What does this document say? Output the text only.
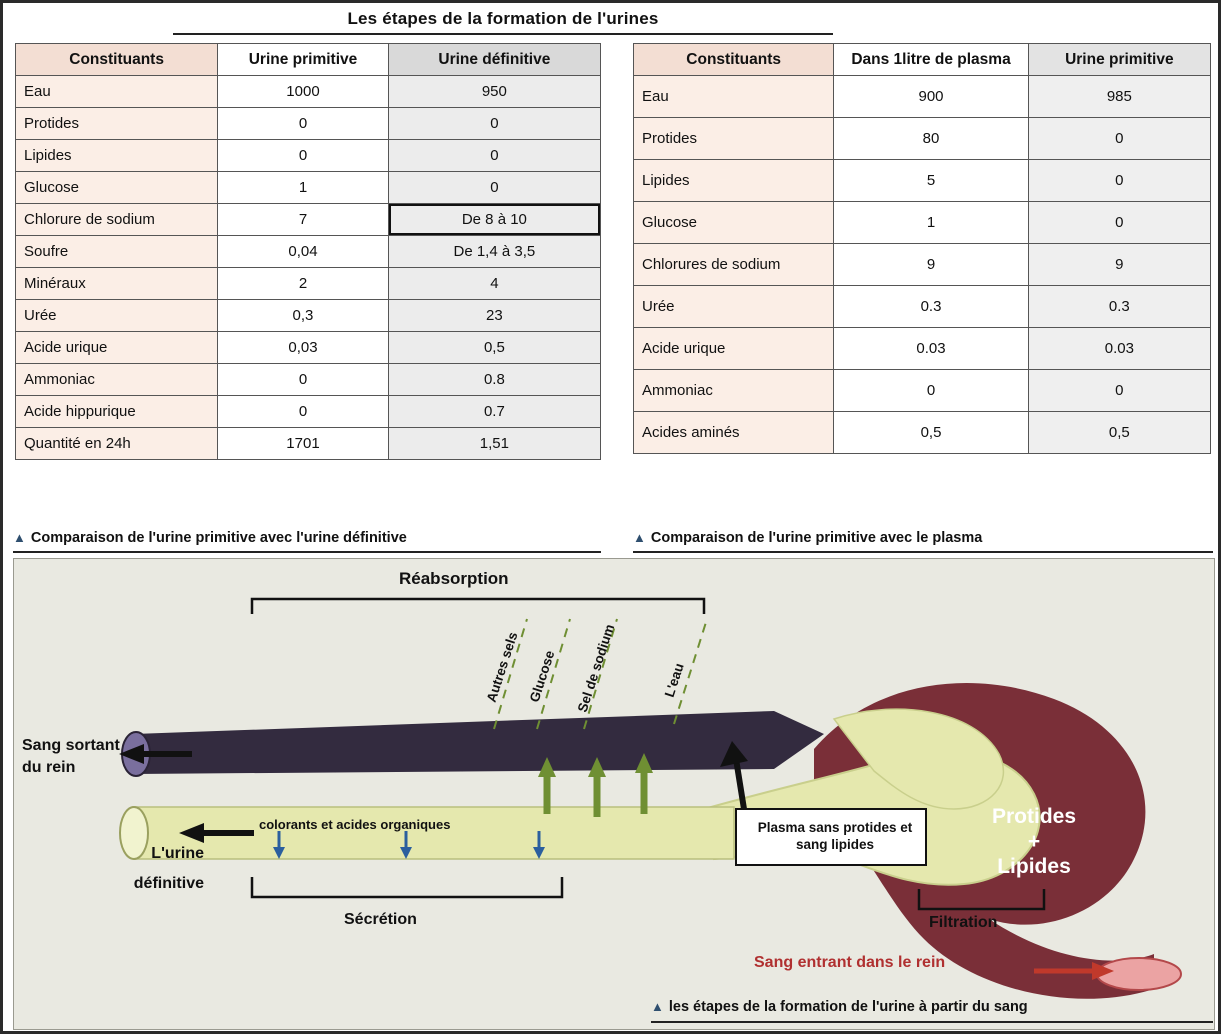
Les étapes de la formation de l'urines
Constituants	Urine primitive	Urine définitive
Eau	1000	950
Protides	0	0
Lipides	0	0
Glucose	1	0
Chlorure de sodium	7	De 8 à 10
Soufre	0,04	De 1,4 à 3,5
Minéraux	2	4
Urée	0,3	23
Acide urique	0,03	0,5
Ammoniac	0	0.8
Acide hippurique	0	0.7
Quantité en 24h	1701	1,51
Constituants	Dans 1litre de plasma	Urine primitive
Eau	900	985
Protides	80	0
Lipides	5	0
Glucose	1	0
Chlorures de sodium	9	9
Urée	0.3	0.3
Acide urique	0.03	0.03
Ammoniac	0	0
Acides aminés	0,5	0,5
▲ Comparaison de l'urine primitive avec l'urine définitive	▲ Comparaison de l'urine primitive avec le plasma
Réabsorption
Sang sortant
du rein
L'urine
définitive
Sécrétion	Filtration
Plasma sans protides et sang lipides
colorants et acides organiques	Protides
+
Lipides
Sang entrant dans le rein
Autres sels Glucose Sel de sodium	L'eau
▲ les étapes de la formation de l'urine à partir du sang
